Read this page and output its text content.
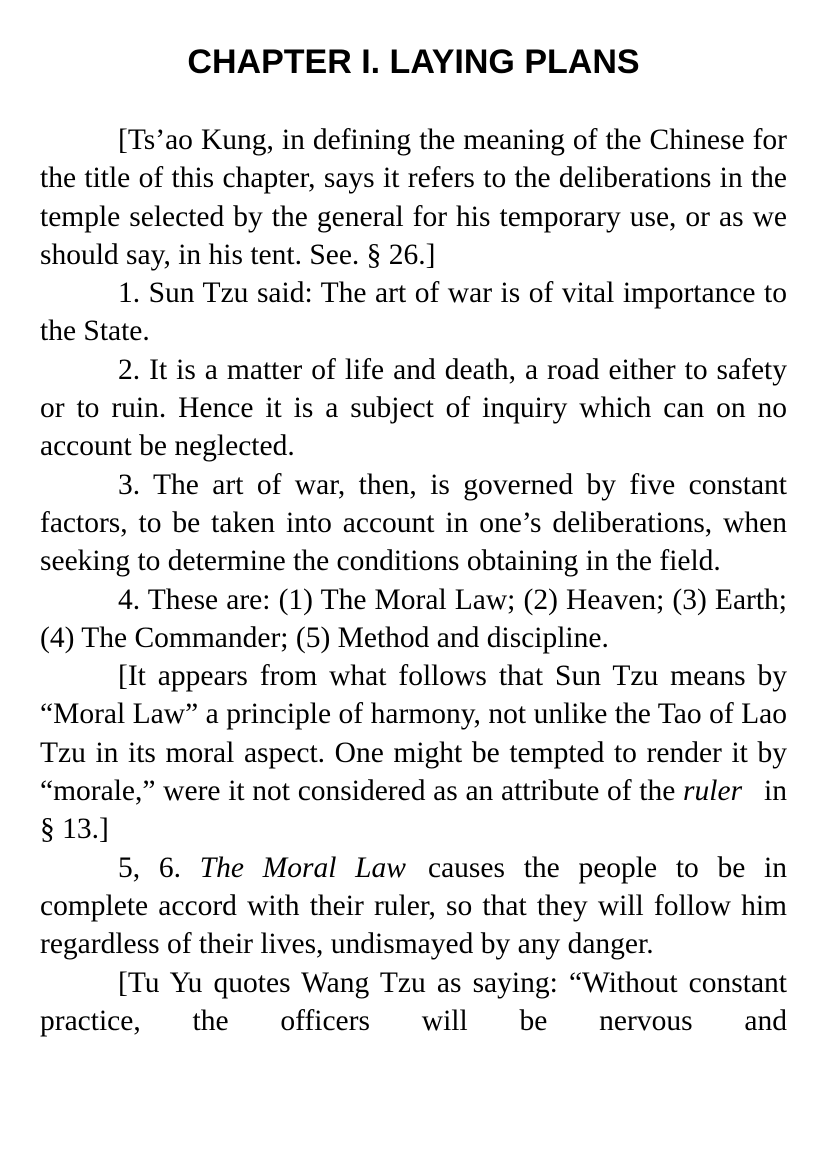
CHAPTER I. LAYING PLANS

[Ts’ao Kung, in defining the meaning of the Chinese for the title of this chapter, says it refers to the deliberations in the temple selected by the general for his temporary use, or as we should say, in his tent. See. § 26.]

1. Sun Tzu said: The art of war is of vital importance to the State.

2. It is a matter of life and death, a road either to safety or to ruin. Hence it is a subject of inquiry which can on no account be neglected.

3. The art of war, then, is governed by five constant factors, to be taken into account in one’s deliberations, when seeking to determine the conditions obtaining in the field.

4. These are: (1) The Moral Law; (2) Heaven; (3) Earth; (4) The Commander; (5) Method and discipline.

[It appears from what follows that Sun Tzu means by “Moral Law” a principle of harmony, not unlike the Tao of Lao Tzu in its moral aspect. One might be tempted to render it by “morale,” were it not considered as an attribute of the ruler in § 13.]

5, 6. The Moral Law causes the people to be in complete accord with their ruler, so that they will follow him regardless of their lives, undismayed by any danger.

[Tu Yu quotes Wang Tzu as saying: “Without constant practice, the officers will be nervous and
